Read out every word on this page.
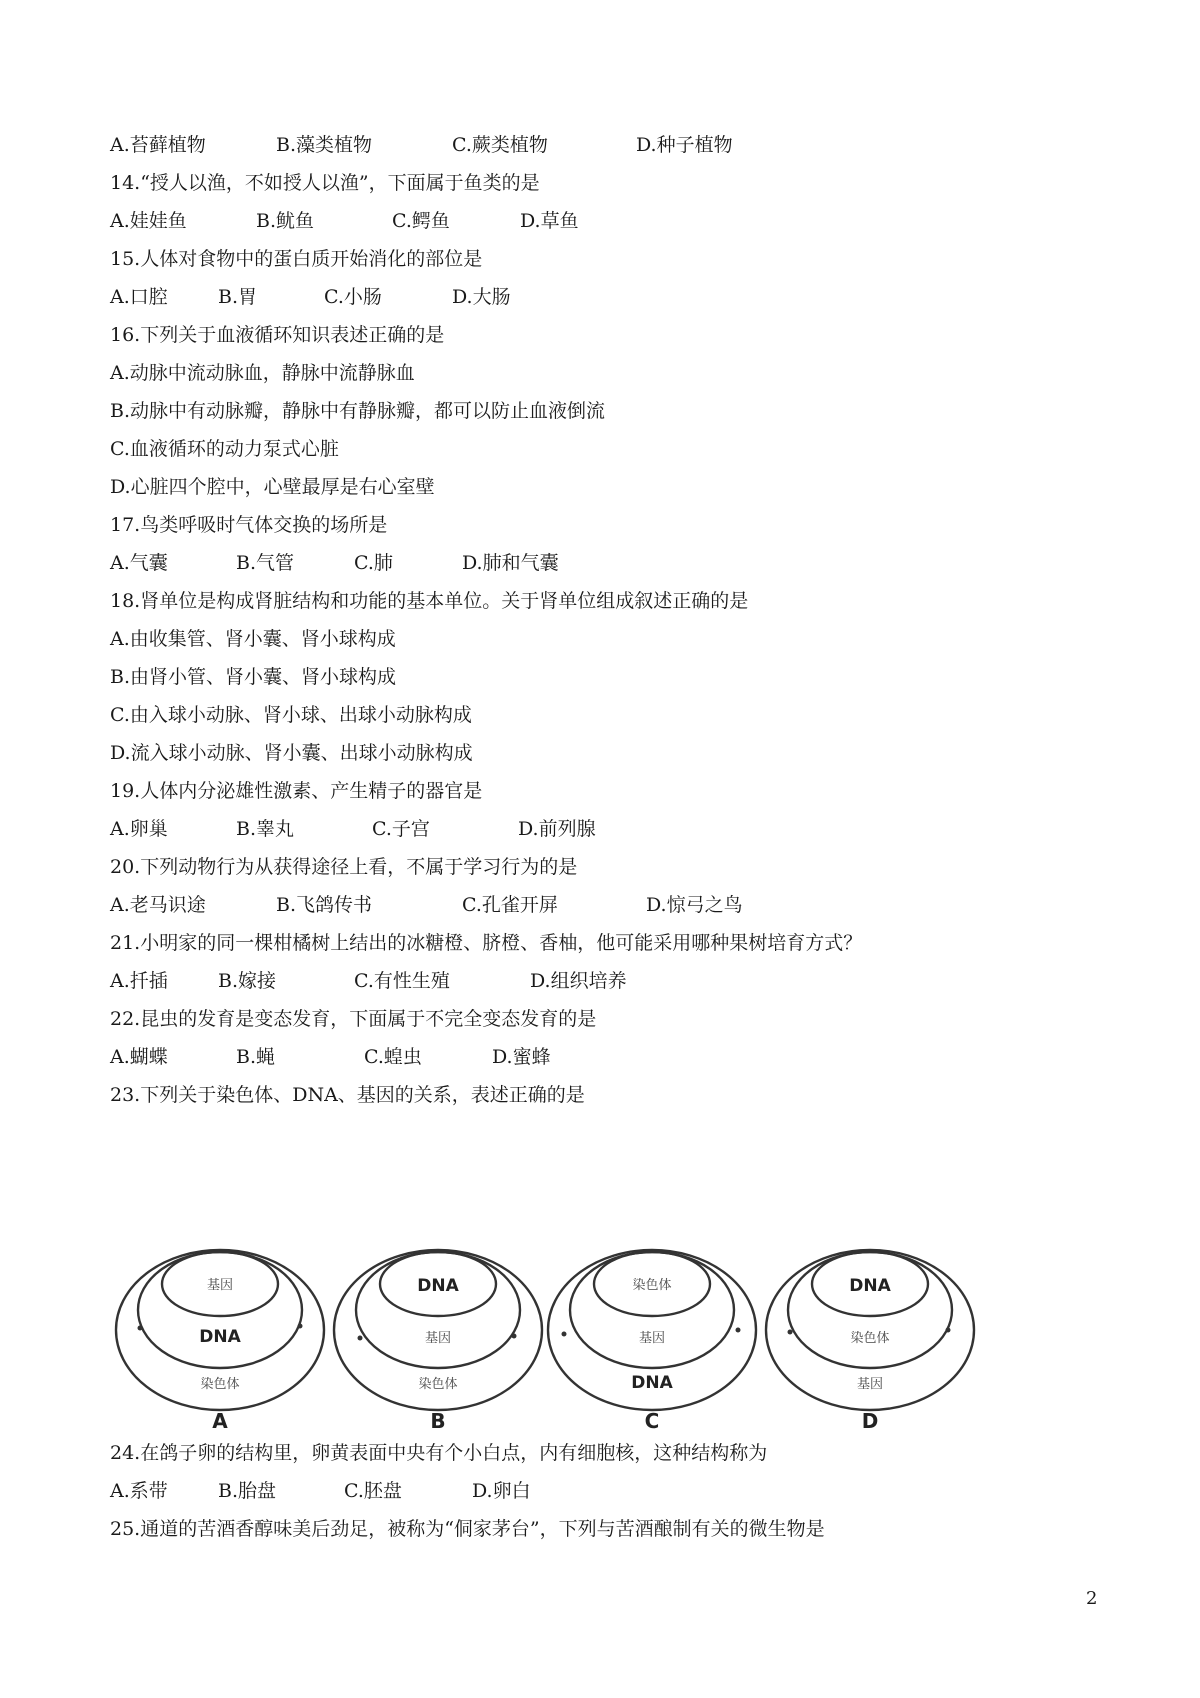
A.苔藓植物	B.藻类植物	C.蕨类植物	D.种子植物
14.“授人以渔，不如授人以渔”，下面属于鱼类的是
A.娃娃鱼	B.鱿鱼	C.鳄鱼	D.草鱼
15.人体对食物中的蛋白质开始消化的部位是
A.口腔	B.胃	C.小肠	D.大肠
16.下列关于血液循环知识表述正确的是
A.动脉中流动脉血，静脉中流静脉血
B.动脉中有动脉瓣，静脉中有静脉瓣，都可以防止血液倒流
C.血液循环的动力泵式心脏
D.心脏四个腔中，心壁最厚是右心室壁
17.鸟类呼吸时气体交换的场所是
A.气囊	B.气管	C.肺	D.肺和气囊
18.肾单位是构成肾脏结构和功能的基本单位。关于肾单位组成叙述正确的是
A.由收集管、肾小囊、肾小球构成
B.由肾小管、肾小囊、肾小球构成
C.由入球小动脉、肾小球、出球小动脉构成
D.流入球小动脉、肾小囊、出球小动脉构成
19.人体内分泌雄性激素、产生精子的器官是
A.卵巢	B.睾丸	C.子宫	D.前列腺
20.下列动物行为从获得途径上看，不属于学习行为的是
A.老马识途	B.飞鸽传书	C.孔雀开屏	D.惊弓之鸟
21.小明家的同一棵柑橘树上结出的冰糖橙、脐橙、香柚，他可能采用哪种果树培育方式？
A.扦插	B.嫁接	C.有性生殖	D.组织培养
22.昆虫的发育是变态发育，下面属于不完全变态发育的是
A.蝴蝶	B.蝇	C.蝗虫	D.蜜蜂
23.下列关于染色体、DNA、基因的关系，表述正确的是
基因
DNA
染色体
A
DNA
基因
染色体
B
染色体
基因
DNA
C
DNA
染色体
基因
D
24.在鸽子卵的结构里，卵黄表面中央有个小白点，内有细胞核，这种结构称为
A.系带	B.胎盘	C.胚盘	D.卵白
25.通道的苦酒香醇味美后劲足，被称为“侗家茅台”，下列与苦酒酿制有关的微生物是
2
